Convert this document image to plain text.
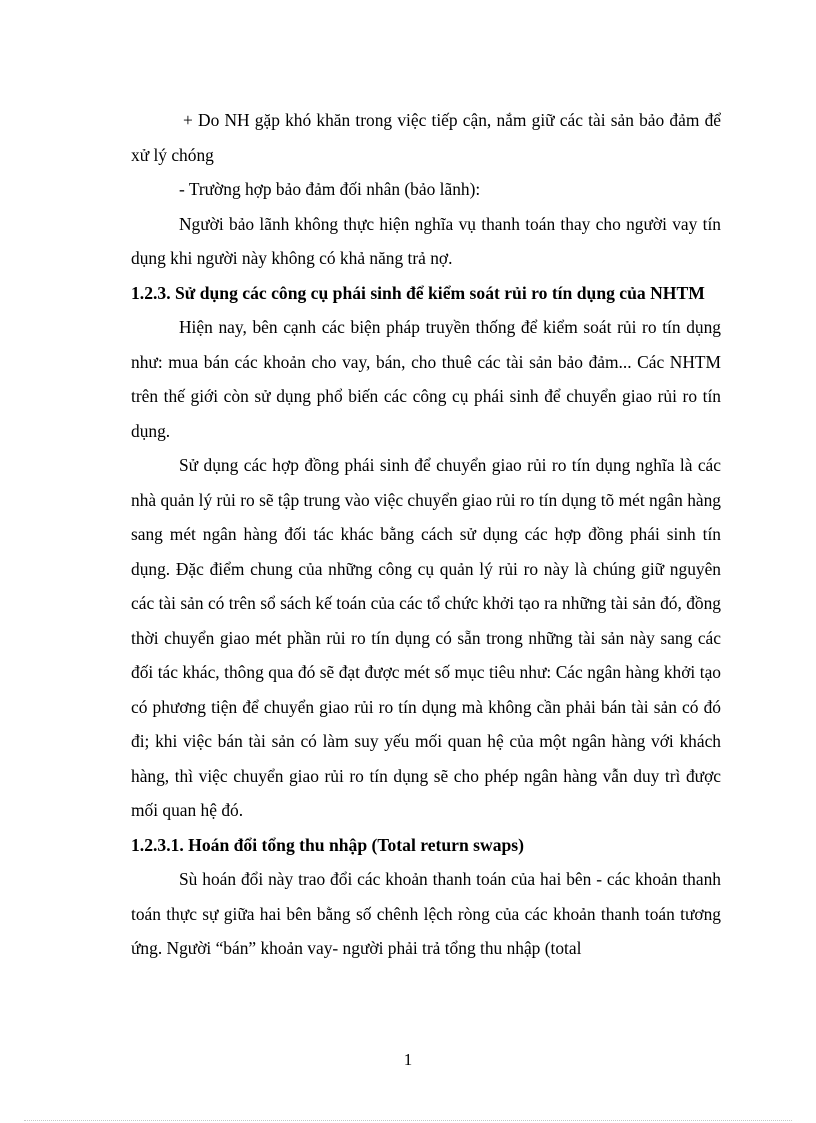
+ Do NH gặp khó khăn trong việc tiếp cận, nắm giữ các tài sản bảo đảm để xử lý chóng

- Trường hợp bảo đảm đối nhân (bảo lãnh):

Người bảo lãnh không thực hiện nghĩa vụ thanh toán thay cho người vay tín dụng khi người này không có khả năng trả nợ.

1.2.3. Sử dụng các công cụ phái sinh để kiểm soát rủi ro tín dụng của NHTM

Hiện nay, bên cạnh các biện pháp truyền thống để kiểm soát rủi ro tín dụng như: mua bán các khoản cho vay, bán, cho thuê các tài sản bảo đảm... Các NHTM trên thế giới còn sử dụng phổ biến các công cụ phái sinh để chuyển giao rủi ro tín dụng.

Sử dụng các hợp đồng phái sinh để chuyển giao rủi ro tín dụng nghĩa là các nhà quản lý rủi ro sẽ tập trung vào việc chuyển giao rủi ro tín dụng tõ mét ngân hàng sang mét ngân hàng đối tác khác bằng cách sử dụng các hợp đồng phái sinh tín dụng. Đặc điểm chung của những công cụ quản lý rủi ro này là chúng giữ nguyên các tài sản có trên sổ sách kế toán của các tổ chức khởi tạo ra những tài sản đó, đồng thời chuyển giao mét phần rủi ro tín dụng có sẵn trong những tài sản này sang các đối tác khác, thông qua đó sẽ đạt được mét số mục tiêu như: Các ngân hàng khởi tạo có phương tiện để chuyển giao rủi ro tín dụng mà không cần phải bán tài sản có đó đi; khi việc bán tài sản có làm suy yếu mối quan hệ của một ngân hàng với khách hàng, thì việc chuyển giao rủi ro tín dụng sẽ cho phép ngân hàng vẫn duy trì được mối quan hệ đó.

1.2.3.1. Hoán đổi tổng thu nhập (Total return swaps)

Sù hoán đổi này trao đổi các khoản thanh toán của hai bên - các khoản thanh toán thực sự giữa hai bên bằng số chênh lệch ròng của các khoản thanh toán tương ứng. Người “bán” khoản vay- người phải trả tổng thu nhập (total

1
